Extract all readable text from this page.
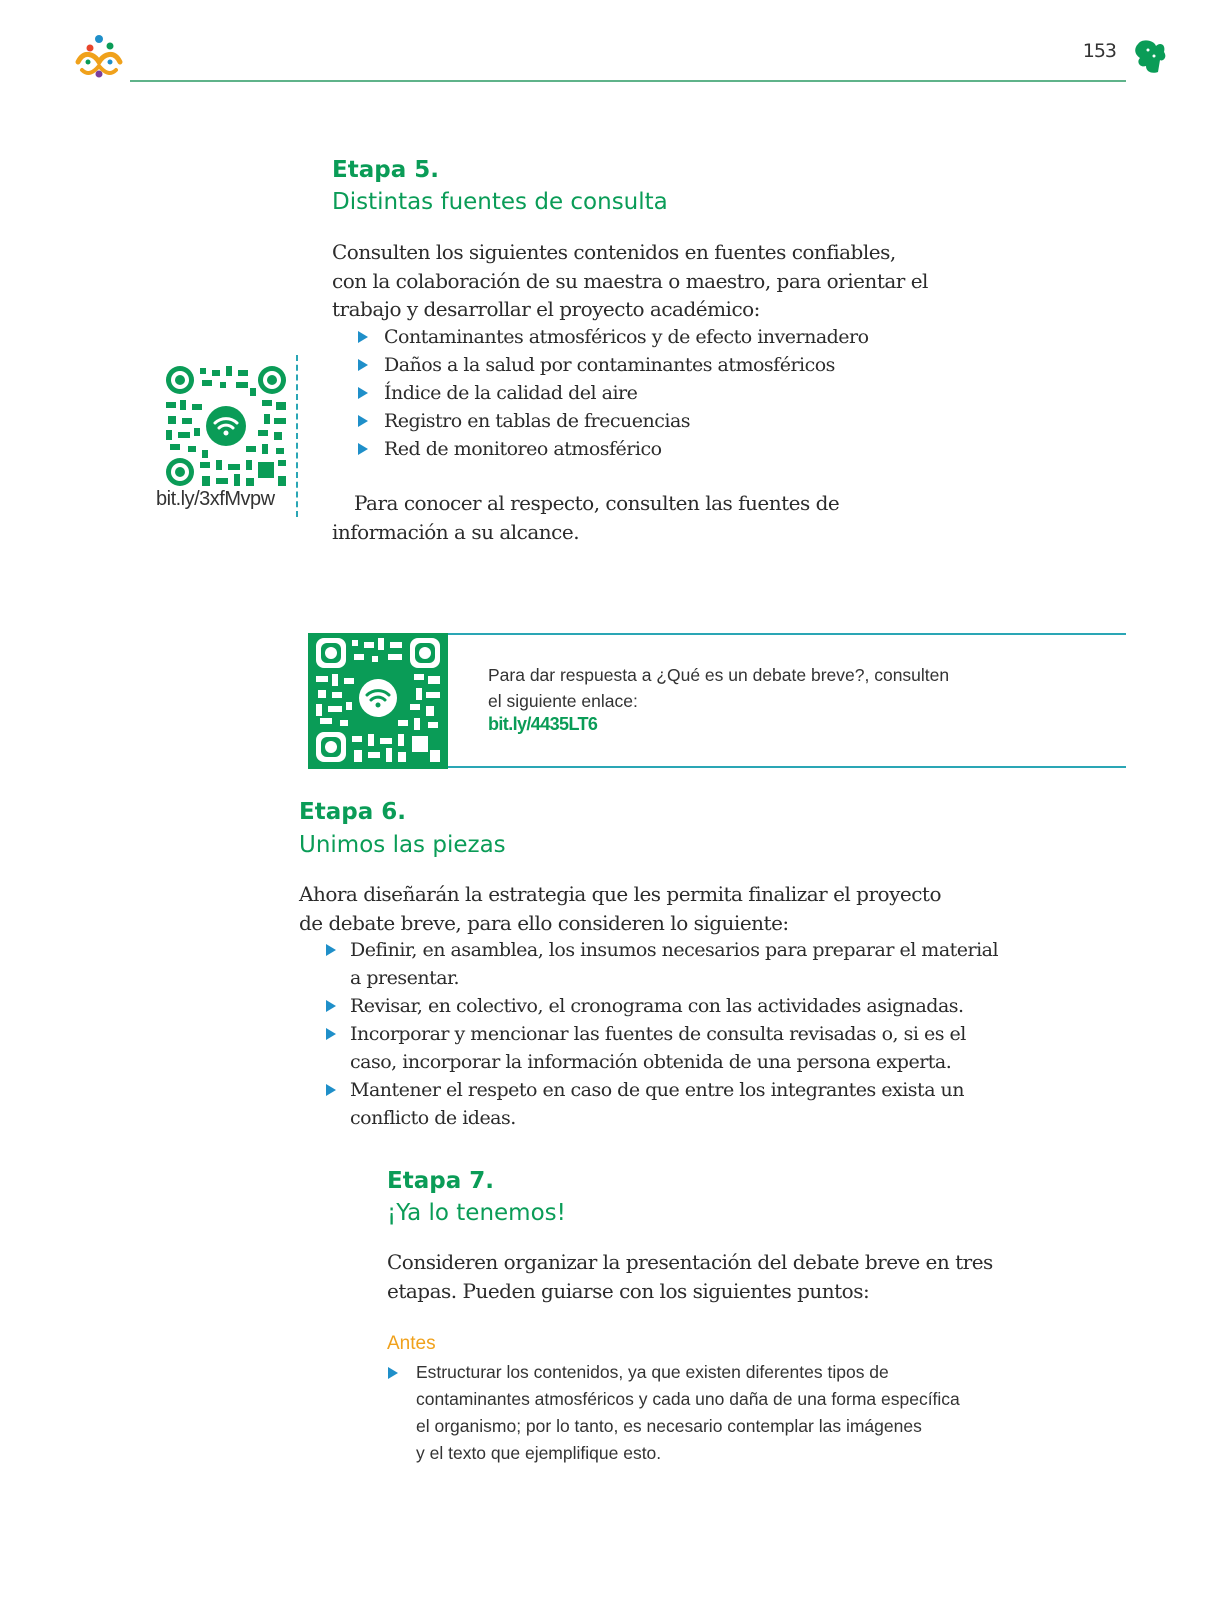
153
Etapa 5.
Distintas fuentes de consulta
Consulten los siguientes contenidos en fuentes confiables,
con la colaboración de su maestra o maestro, para orientar el
trabajo y desarrollar el proyecto académico:
Contaminantes atmosféricos y de efecto invernadero
Daños a la salud por contaminantes atmosféricos
Índice de la calidad del aire
Registro en tablas de frecuencias
Red de monitoreo atmosférico
Para conocer al respecto, consulten las fuentes de
información a su alcance.
bit.ly/3xfMvpw
Para dar respuesta a ¿Qué es un debate breve?, consulten
el siguiente enlace:
bit.ly/4435LT6
Etapa 6.
Unimos las piezas
Ahora diseñarán la estrategia que les permita finalizar el proyecto
de debate breve, para ello consideren lo siguiente:
Definir, en asamblea, los insumos necesarios para preparar el material
a presentar.
Revisar, en colectivo, el cronograma con las actividades asignadas.
Incorporar y mencionar las fuentes de consulta revisadas o, si es el
caso, incorporar la información obtenida de una persona experta.
Mantener el respeto en caso de que entre los integrantes exista un
conflicto de ideas.
Etapa 7.
¡Ya lo tenemos!
Consideren organizar la presentación del debate breve en tres
etapas. Pueden guiarse con los siguientes puntos:
Antes
Estructurar los contenidos, ya que existen diferentes tipos de
contaminantes atmosféricos y cada uno daña de una forma específica
el organismo; por lo tanto, es necesario contemplar las imágenes
y el texto que ejemplifique esto.
